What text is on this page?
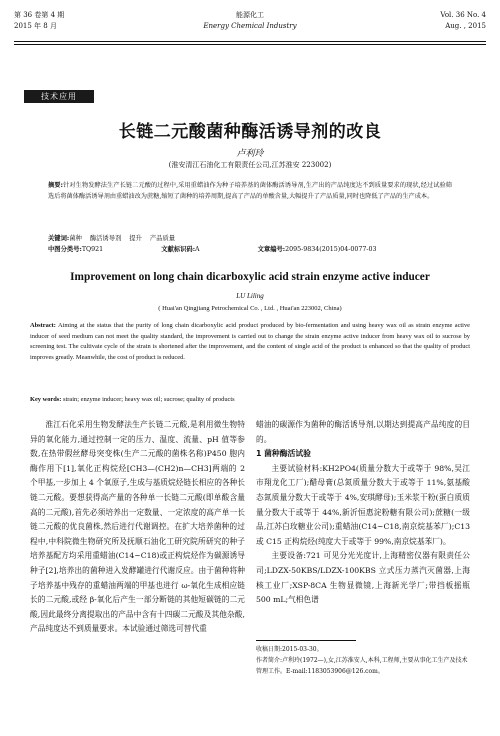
第 36 卷第 4 期
2015 年 8 月
能源化工
Energy Chemical Industry
Vol. 36 No. 4
Aug. , 2015
技术应用
长链二元酸菌种酶活诱导剂的改良
卢利玲
(淮安清江石油化工有限责任公司,江苏淮安 223002)
摘要:针对生物发酵法生产长链二元酸的过程中,采用重蜡油作为种子培养基的菌体酶活诱导剂,生产出的产品纯度达不到质量要求的现状,经过试验筛选后将菌体酶活诱导剂由重蜡油改为蔗糖,缩短了菌种的培养周期,提高了产品的单酸含量,大幅提升了产品质量,同时也降低了产品的生产成本。
关键词:菌种    酶活诱导剂    提升    产品质量
中图分类号:TQ921	文献标识码:A	文章编号:2095-9834(2015)04-0077-03
Improvement on long chain dicarboxylic acid strain enzyme active inducer
LU Liling
( Huai'an Qingjiang Petrochemical Co. , Ltd. , Huai'an 223002, China)
Abstract: Aiming at the status that the purity of long chain dicarboxylic acid product produced by bio-fermentation and using heavy wax oil as strain enzyme active inducer of seed medium can not meet the quality standard, the improvement is carried out to change the strain enzyme active inducer from heavy wax oil to sucrose by screening test. The cultivate cycle of the strain is shortened after the improvement, and the content of single acid of the product is enhanced so that the quality of product improves greatly. Meanwhile, the cost of product is reduced.
Key words: strain; enzyme inducer; heavy wax oil; sucrose; quality of products

淮江石化采用生物发酵法生产长链二元酸,是利用微生物特异的氧化能力,通过控制一定的压力、温度、流量、pH 值等参数,在热带假丝酵母突变株(生产二元酸的菌株名称)P450 胞内酶作用下[1],氧化正构烷烃[CH3—(CH2)n—CH3]两端的 2 个甲基,一步加上 4 个氧原子,生成与基质烷烃链长相应的各种长链二元酸。要想获得高产量的各种单一长链二元酸(即单酸含量高的二元酸),首先必须培养出一定数量、一定浓度的高产单一长链二元酸的优良菌株,然后进行代谢调控。在扩大培养菌种的过程中,中科院微生物研究所及抚顺石油化工研究院所研究的种子培养基配方均采用重蜡油(C14~C18)或正构烷烃作为碳源诱导种子[2],培养出的菌种进入发酵罐进行代谢反应。由于菌种将种子培养基中残存的重蜡油两端的甲基也进行 ω-氧化生成相应链长的二元酸,或经 β-氧化后产生一部分断链的其他短碳链的二元酸,因此最终分离提取出的产品中含有十四碳二元酸及其他杂酸,产品纯度达不到质量要求。本试验通过筛选可替代重

蜡油的碳源作为菌种的酶活诱导剂,以期达到提高产品纯度的目的。

1 菌种酶活试验

主要试验材料:KH2PO4(质量分数大于或等于 98%,吴江市翔龙化工厂);醋母膏(总氮质量分数大于或等于 11%,氨基酸态氮质量分数大于或等于 4%,安琪酵母);玉米浆干粉(蛋白质质量分数大于或等于 44%,新沂恒惠淀粉糖有限公司);蔗糖(一级品,江苏白玫糖业公司);重蜡油(C14~C18,南京烷基苯厂);C13 或 C15 正构烷烃(纯度大于或等于 99%,南京烷基苯厂)。

主要设备:721 可见分光光度计,上海精密仪器有限责任公司;LDZX-50KBS/LDZX-100KBS 立式压力蒸汽灭菌器,上海核工业厂;XSP-8CA 生物显微镜,上海新光学厂;带挡板摇瓶 500 mL;气相色谱

收稿日期:2015-03-30。
作者简介:卢利玲(1972—),女,江苏淮安人,本科,工程师,主要从事化工生产及技术管理工作。E-mail:1183053906@126.com。
